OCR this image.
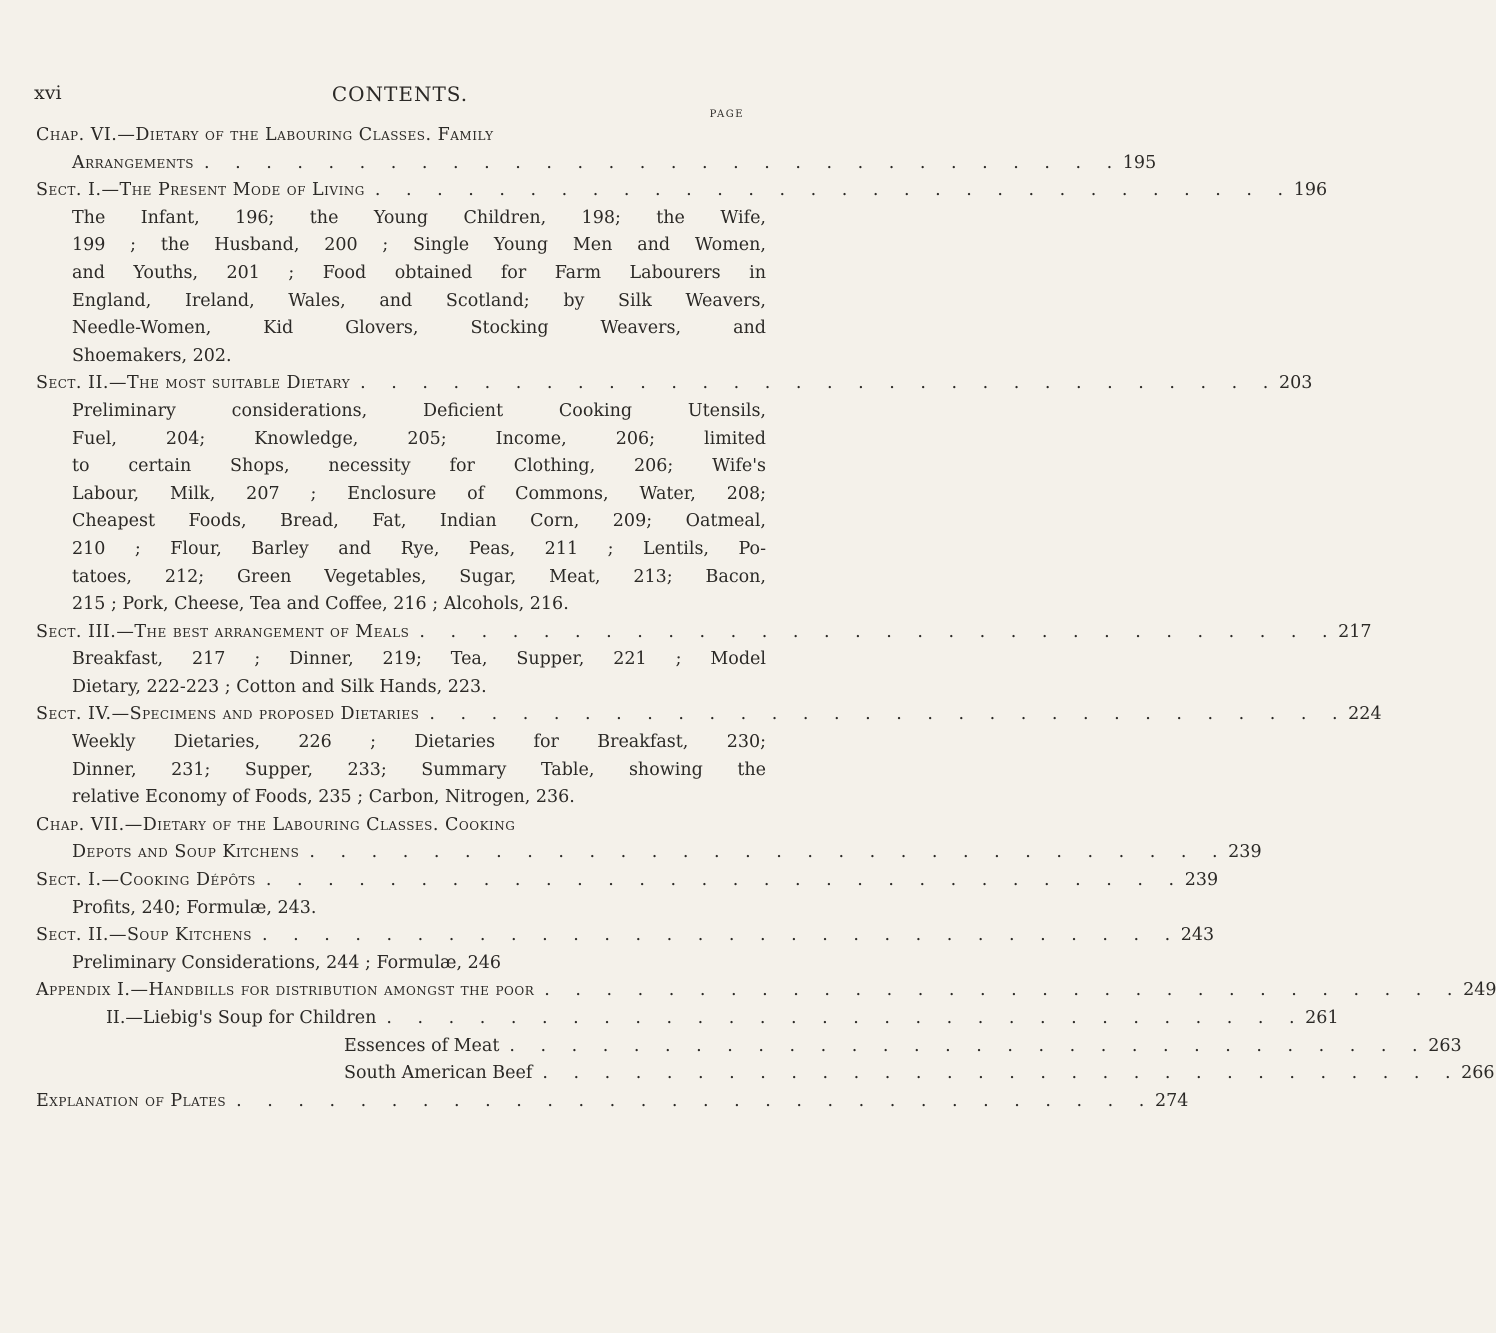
xvi	CONTENTS.
PAGE
Chap. VI.—Dietary of the Labouring Classes. Family
Arrangements . . . . . . . . . . . . . . . . . . . . . . . . . . . . . . 195
Sect. I.—The Present Mode of Living . . . . . . . . . . . . . . . . . . . . . . . . . . . . . . 196
The Infant, 196; the Young Children, 198; the Wife,
199 ; the Husband, 200 ; Single Young Men and Women,
and Youths, 201 ; Food obtained for Farm Labourers in
England, Ireland, Wales, and Scotland; by Silk Weavers,
Needle-Women, Kid Glovers, Stocking Weavers, and
Shoemakers, 202.
Sect. II.—The most suitable Dietary . . . . . . . . . . . . . . . . . . . . . . . . . . . . . . 203
Preliminary considerations, Deficient Cooking Utensils,
Fuel, 204; Knowledge, 205; Income, 206; limited
to certain Shops, necessity for Clothing, 206; Wife's
Labour, Milk, 207 ; Enclosure of Commons, Water, 208;
Cheapest Foods, Bread, Fat, Indian Corn, 209; Oatmeal,
210 ; Flour, Barley and Rye, Peas, 211 ; Lentils, Po-
tatoes, 212; Green Vegetables, Sugar, Meat, 213; Bacon,
215 ; Pork, Cheese, Tea and Coffee, 216 ; Alcohols, 216.
Sect. III.—The best arrangement of Meals . . . . . . . . . . . . . . . . . . . . . . . . . . . . . . 217
Breakfast, 217 ; Dinner, 219; Tea, Supper, 221 ; Model
Dietary, 222-223 ; Cotton and Silk Hands, 223.
Sect. IV.—Specimens and proposed Dietaries . . . . . . . . . . . . . . . . . . . . . . . . . . . . . . 224
Weekly Dietaries, 226 ; Dietaries for Breakfast, 230;
Dinner, 231; Supper, 233; Summary Table, showing the
relative Economy of Foods, 235 ; Carbon, Nitrogen, 236.
Chap. VII.—Dietary of the Labouring Classes. Cooking
Depots and Soup Kitchens . . . . . . . . . . . . . . . . . . . . . . . . . . . . . . 239
Sect. I.—Cooking Dépôts . . . . . . . . . . . . . . . . . . . . . . . . . . . . . . 239
Profits, 240; Formulæ, 243.
Sect. II.—Soup Kitchens . . . . . . . . . . . . . . . . . . . . . . . . . . . . . . 243
Preliminary Considerations, 244 ; Formulæ, 246
Appendix I.—Handbills for distribution amongst the poor . . . . . . . . . . . . . . . . . . . . . . . . . . . . . . 249
II.—Liebig's Soup for Children . . . . . . . . . . . . . . . . . . . . . . . . . . . . . . 261
Essences of Meat . . . . . . . . . . . . . . . . . . . . . . . . . . . . . . 263
South American Beef . . . . . . . . . . . . . . . . . . . . . . . . . . . . . . 266
Explanation of Plates . . . . . . . . . . . . . . . . . . . . . . . . . . . . . . 274
